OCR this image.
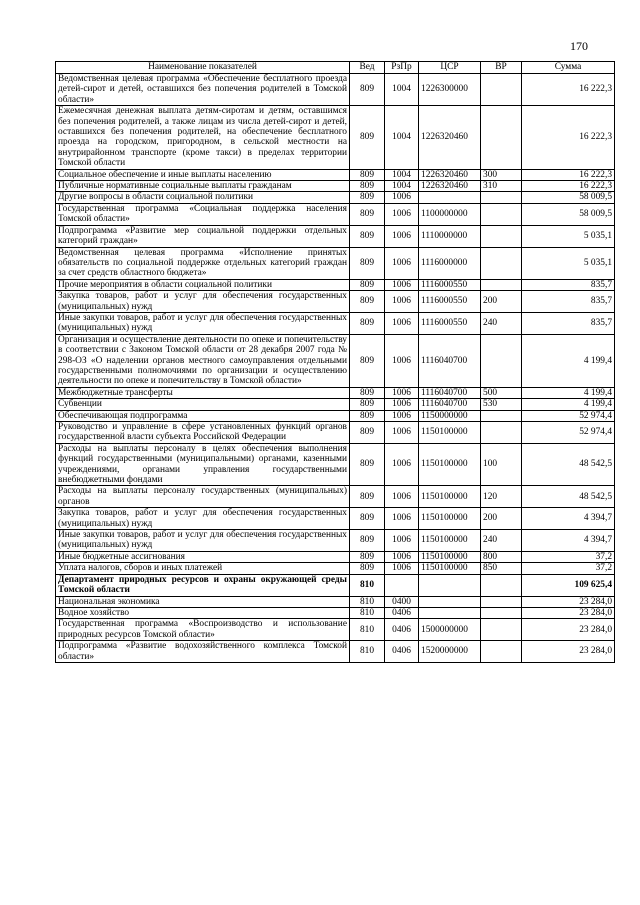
170
Наименование показателей	Вед	РзПр	ЦСР	ВР	Сумма
Ведомственная целевая программа «Обеспечение бесплатного проезда детей-сирот и детей, оставшихся без попечения родителей в Томской области»	809	1004	1226300000		16 222,3
Ежемесячная денежная выплата детям-сиротам и детям, оставшимся без попечения родителей, а также лицам из числа детей-сирот и детей, оставшихся без попечения родителей, на обеспечение бесплатного проезда на городском, пригородном, в сельской местности на внутрирайонном транспорте (кроме такси) в пределах территории Томской области	809	1004	1226320460		16 222,3
Социальное обеспечение и иные выплаты населению	809	1004	1226320460	300	16 222,3
Публичные нормативные социальные выплаты гражданам	809	1004	1226320460	310	16 222,3
Другие вопросы в области социальной политики	809	1006			58 009,5
Государственная программа «Социальная поддержка населения Томской области»	809	1006	1100000000		58 009,5
Подпрограмма «Развитие мер социальной поддержки отдельных категорий граждан»	809	1006	1110000000		5 035,1
Ведомственная целевая программа «Исполнение принятых обязательств по социальной поддержке отдельных категорий граждан за счет средств областного бюджета»	809	1006	1116000000		5 035,1
Прочие мероприятия в области социальной политики	809	1006	1116000550		835,7
Закупка товаров, работ и услуг для обеспечения государственных (муниципальных) нужд	809	1006	1116000550	200	835,7
Иные закупки товаров, работ и услуг для обеспечения государственных (муниципальных) нужд	809	1006	1116000550	240	835,7
Организация и осуществление деятельности по опеке и попечительству в соответствии с Законом Томской области от 28 декабря 2007 года № 298-ОЗ «О наделении органов местного самоуправления отдельными государственными полномочиями по организации и осуществлению деятельности по опеке и попечительству в Томской области»	809	1006	1116040700		4 199,4
Межбюджетные трансферты	809	1006	1116040700	500	4 199,4
Субвенции	809	1006	1116040700	530	4 199,4
Обеспечивающая подпрограмма	809	1006	1150000000		52 974,4
Руководство и управление в сфере установленных функций органов государственной власти субъекта Российской Федерации	809	1006	1150100000		52 974,4
Расходы на выплаты персоналу в целях обеспечения выполнения функций государственными (муниципальными) органами, казенными учреждениями, органами управления государственными внебюджетными фондами	809	1006	1150100000	100	48 542,5
Расходы на выплаты персоналу государственных (муниципальных) органов	809	1006	1150100000	120	48 542,5
Закупка товаров, работ и услуг для обеспечения государственных (муниципальных) нужд	809	1006	1150100000	200	4 394,7
Иные закупки товаров, работ и услуг для обеспечения государственных (муниципальных) нужд	809	1006	1150100000	240	4 394,7
Иные бюджетные ассигнования	809	1006	1150100000	800	37,2
Уплата налогов, сборов и иных платежей	809	1006	1150100000	850	37,2
Департамент природных ресурсов и охраны окружающей среды Томской области	810				109 625,4
Национальная экономика	810	0400			23 284,0
Водное хозяйство	810	0406			23 284,0
Государственная программа «Воспроизводство и использование природных ресурсов Томской области»	810	0406	1500000000		23 284,0
Подпрограмма «Развитие водохозяйственного комплекса Томской области»	810	0406	1520000000		23 284,0
